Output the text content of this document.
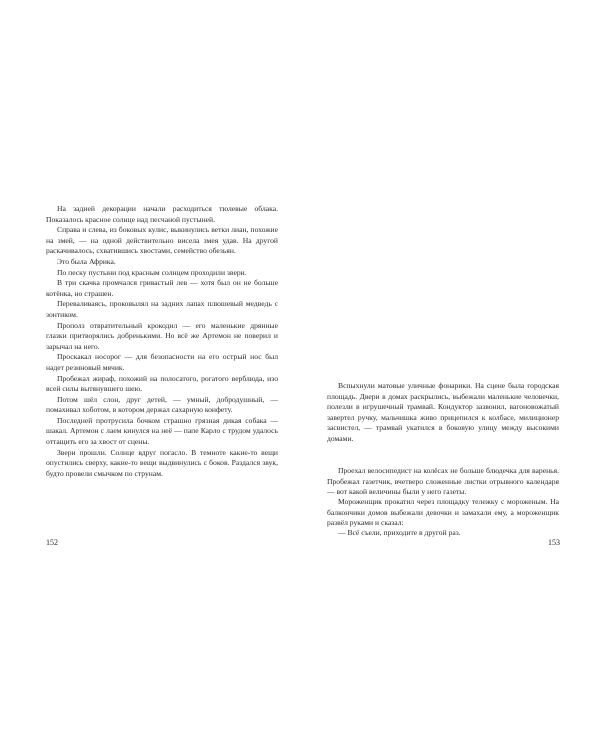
На задней декорации начали расходиться тюлевые облака. Показалось красное солнце над песчаной пустыней.

Справа и слева, из боковых кулис, выкинулись ветки лиан, похожие на змей, — на одной действительно висела змея удав. На другой раскачивалось, схватившись хвостами, семейство обезьян.

Это была Африка.

По песку пустыни под красным солнцем проходили звери.

В три скачка промчался гривастый лев — хотя был он не больше котёнка, но страшен.

Переваливаясь, проковылял на задних лапах плюшевый медведь с зонтиком.

Прополз отвратительный крокодил — его маленькие дрянные глазки притворялись добренькими. Но всё же Артемон не поверил и зарычал на него.

Проскакал носорог — для безопасности на его острый нос был надет резиновый мячик.

Пробежал жираф, похожий на полосатого, рогатого верблюда, изо всей силы вытянувшего шею.

Потом шёл слон, друг детей, — умный, добродушный, — помахивал хоботом, в котором держал сахарную конфету.

Последней протрусила бочком страшно грязная дикая собака — шакал. Артемон с лаем кинулся на неё — папе Карло с трудом удалось оттащить его за хвост от сцены.

Звери прошли. Солнце вдруг погасло. В темноте какие-то вещи опустились сверху, какие-то вещи выдвинулись с боков. Раздался звук, будто провели смычком по струнам.

152

Вспыхнули матовые уличные фонарики. На сцене была городская площадь. Двери в домах раскрылись, выбежали маленькие человечки, полезли в игрушечный трамвай. Кондуктор зазвонил, вагоновожатый завертел ручку, мальчишка живо прицепился к колбасе, милиционер засвистел, — трамвай укатился в боковую улицу между высокими домами.

Проехал велосипедист на колёсах не больше блюдечка для варенья. Пробежал газетчик, вчетверо сложенные листки отрывного календаря — вот какой величины были у него газеты.

Мороженщик прокатил через площадку тележку с мороженым. На балкончики домов выбежали девочки и замахали ему, а мороженщик развёл руками и сказал:

— Всё съели, приходите в другой раз.

153
